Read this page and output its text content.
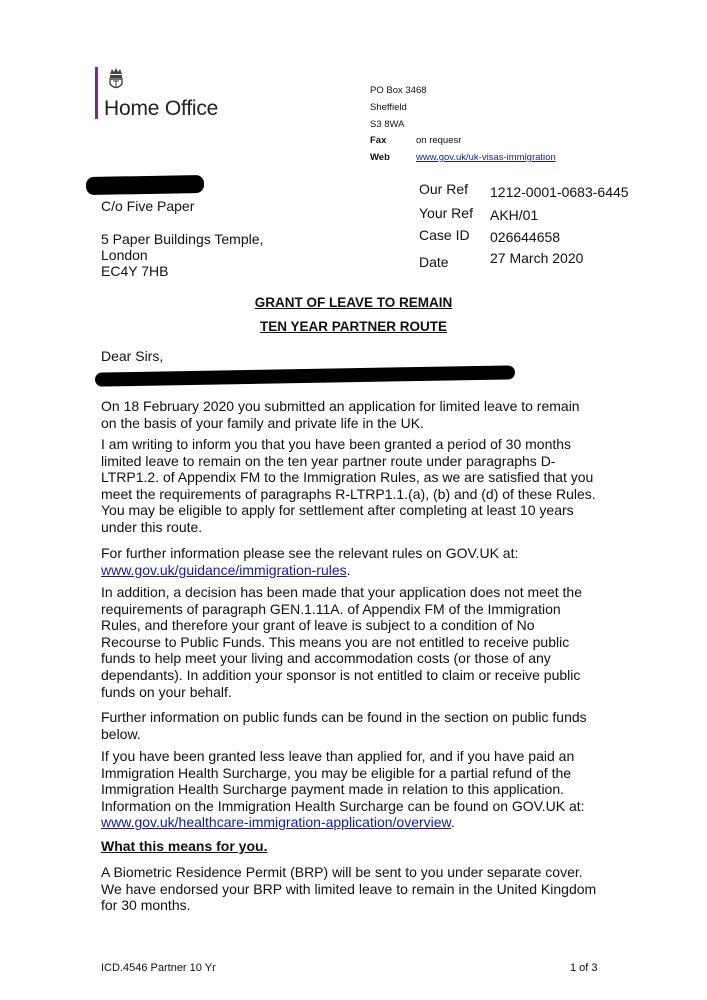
Home Office
PO Box 3468
Sheffield
S3 8WA
Fax	on requesr
Web	www.gov.uk/uk-visas-immigration
C/o Five Paper
5 Paper Buildings Temple,
London
EC4Y 7HB
Our Ref 1212-0001-0683-6445
Your Ref AKH/01
Case ID 026644658
Date	27 March 2020
GRANT OF LEAVE TO REMAIN
TEN YEAR PARTNER ROUTE
Dear Sirs,
On 18 February 2020 you submitted an application for limited leave to remain
on the basis of your family and private life in the UK.
I am writing to inform you that you have been granted a period of 30 months
limited leave to remain on the ten year partner route under paragraphs D-
LTRP1.2. of Appendix FM to the Immigration Rules, as we are satisfied that you
meet the requirements of paragraphs R-LTRP1.1.(a), (b) and (d) of these Rules.
You may be eligible to apply for settlement after completing at least 10 years
under this route.
For further information please see the relevant rules on GOV.UK at:
www.gov.uk/guidance/immigration-rules.
In addition, a decision has been made that your application does not meet the
requirements of paragraph GEN.1.11A. of Appendix FM of the Immigration
Rules, and therefore your grant of leave is subject to a condition of No
Recourse to Public Funds. This means you are not entitled to receive public
funds to help meet your living and accommodation costs (or those of any
dependants). In addition your sponsor is not entitled to claim or receive public
funds on your behalf.
Further information on public funds can be found in the section on public funds
below.
If you have been granted less leave than applied for, and if you have paid an
Immigration Health Surcharge, you may be eligible for a partial refund of the
Immigration Health Surcharge payment made in relation to this application.
Information on the Immigration Health Surcharge can be found on GOV.UK at:
www.gov.uk/healthcare-immigration-application/overview.
What this means for you.
A Biometric Residence Permit (BRP) will be sent to you under separate cover.
We have endorsed your BRP with limited leave to remain in the United Kingdom
for 30 months.
ICD.4546 Partner 10 Yr	1 of 3
